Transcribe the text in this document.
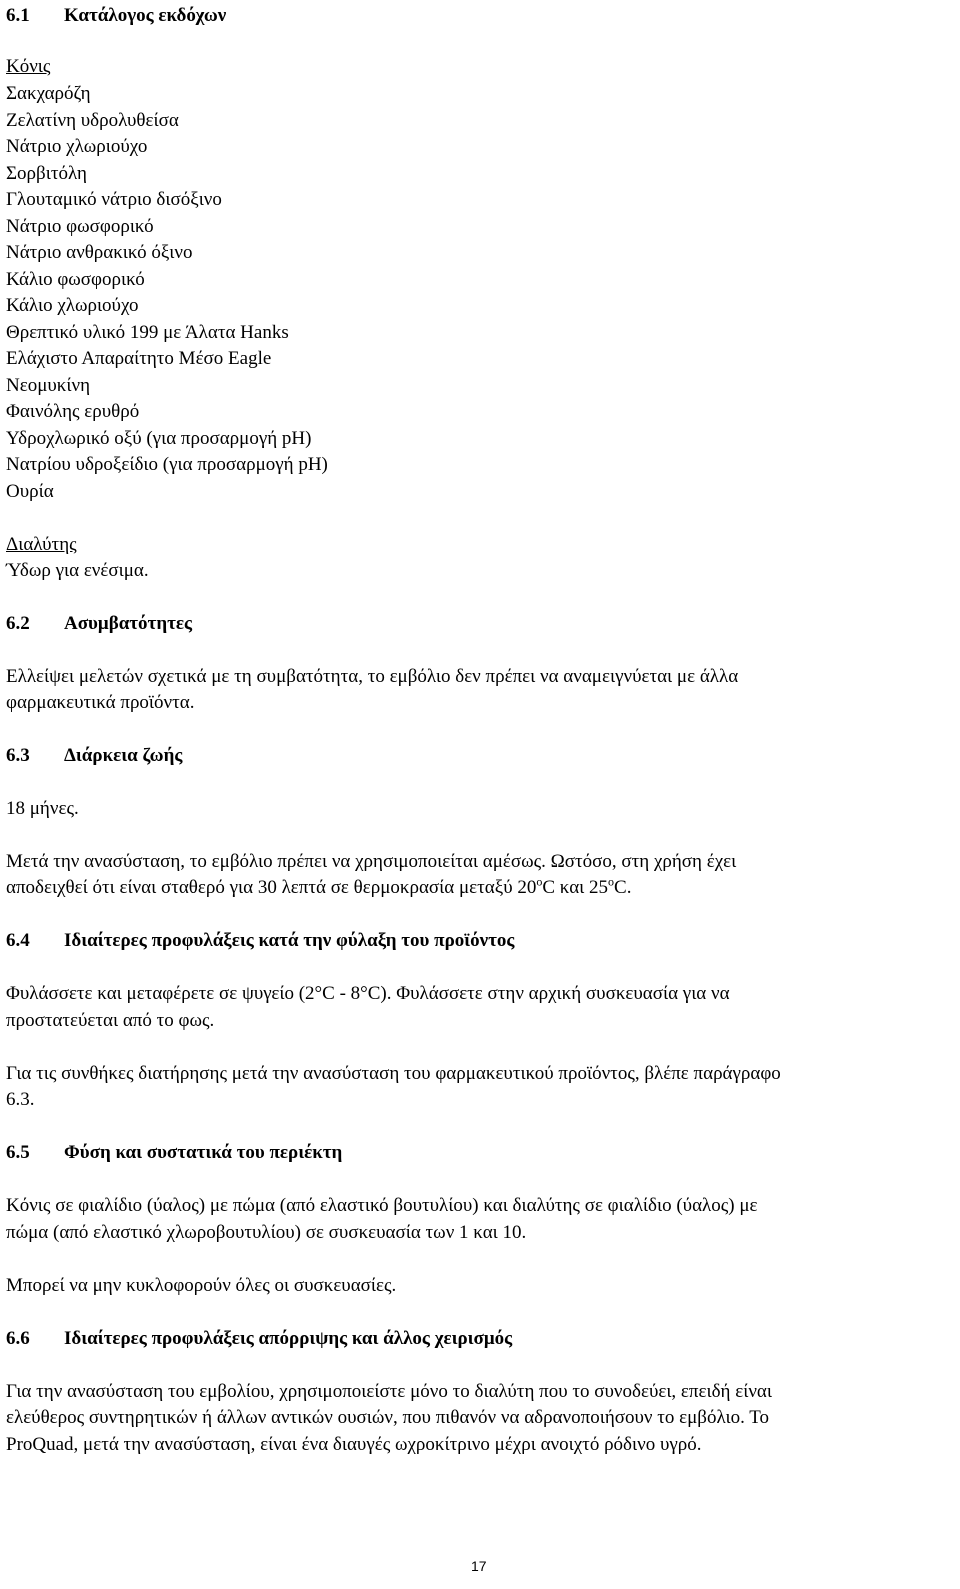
6.1 Κατάλογος εκδόχων
Κόνις
Σακχαρόζη
Ζελατίνη υδρολυθείσα
Νάτριο χλωριούχο
Σορβιτόλη
Γλουταμικό νάτριο δισόξινο
Νάτριο φωσφορικό
Νάτριο ανθρακικό όξινο
Κάλιο φωσφορικό
Κάλιο χλωριούχο
Θρεπτικό υλικό 199 με Άλατα Hanks
Ελάχιστο Απαραίτητο Μέσο Eagle
Νεομυκίνη
Φαινόλης ερυθρό
Υδροχλωρικό οξύ (για προσαρμογή pH)
Νατρίου υδροξείδιο (για προσαρμογή pH)
Ουρία
Διαλύτης
Ύδωρ για ενέσιμα.
6.2 Ασυμβατότητες
Ελλείψει μελετών σχετικά με τη συμβατότητα, το εμβόλιο δεν πρέπει να αναμειγνύεται με άλλα
φαρμακευτικά προϊόντα.
6.3 Διάρκεια ζωής
18 μήνες.
Μετά την ανασύσταση, το εμβόλιο πρέπει να χρησιμοποιείται αμέσως. Ωστόσο, στη χρήση έχει
αποδειχθεί ότι είναι σταθερό για 30 λεπτά σε θερμοκρασία μεταξύ 20$^o$C και 25$^o$C.
6.4 Ιδιαίτερες προφυλάξεις κατά την φύλαξη του προϊόντος
Φυλάσσετε και μεταφέρετε σε ψυγείο (2°C - 8°C). Φυλάσσετε στην αρχική συσκευασία για να
προστατεύεται από το φως.
Για τις συνθήκες διατήρησης μετά την ανασύσταση του φαρμακευτικού προϊόντος, βλέπε παράγραφο
6.3.
6.5 Φύση και συστατικά του περιέκτη
Κόνις σε φιαλίδιο (ύαλος) με πώμα (από ελαστικό βουτυλίου) και διαλύτης σε φιαλίδιο (ύαλος) με
πώμα (από ελαστικό χλωροβουτυλίου) σε συσκευασία των 1 και 10.
Μπορεί να μην κυκλοφορούν όλες οι συσκευασίες.
6.6 Ιδιαίτερες προφυλάξεις απόρριψης και άλλος χειρισμός
Για την ανασύσταση του εμβολίου, χρησιμοποιείστε μόνο το διαλύτη που το συνοδεύει, επειδή είναι
ελεύθερος συντηρητικών ή άλλων αντικών ουσιών, που πιθανόν να αδρανοποιήσουν το εμβόλιο. Το
ProQuad, μετά την ανασύσταση, είναι ένα διαυγές ωχροκίτρινο μέχρι ανοιχτό ρόδινο υγρό.
17
